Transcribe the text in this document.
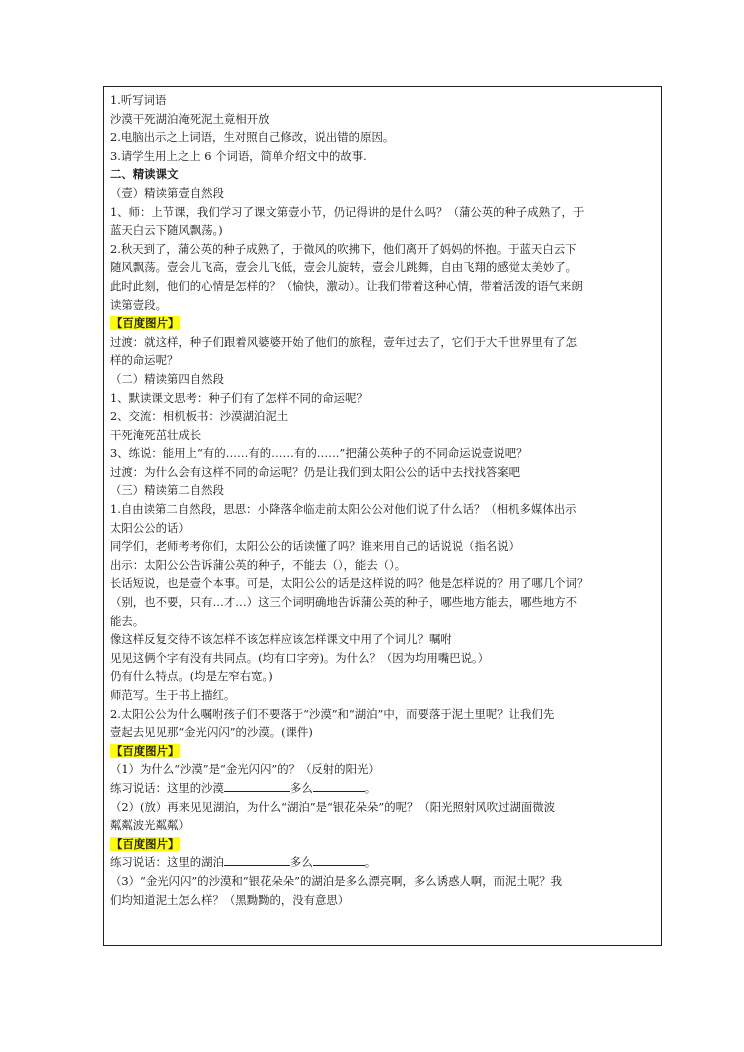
1.听写词语
沙漠干死湖泊淹死泥土竟相开放
2.电脑出示之上词语，生对照自己修改，说出错的原因。
3.请学生用上之上 6 个词语，简单介绍文中的故事.
二、精读课文
（壹）精读第壹自然段
1、师：上节课，我们学习了课文第壹小节，仍记得讲的是什么吗？（蒲公英的种子成熟了，于
蓝天白云下随风飘荡。)
2.秋天到了，蒲公英的种子成熟了，于微风的吹拂下，他们离开了妈妈的怀抱。于蓝天白云下
随风飘荡。壹会儿飞高，壹会儿飞低，壹会儿旋转，壹会儿跳舞，自由飞翔的感觉太美妙了。
此时此刻，他们的心情是怎样的？（愉快，激动）。让我们带着这种心情，带着活泼的语气来朗
读第壹段。
【百度图片】
过渡：就这样，种子们跟着风婆婆开始了他们的旅程，壹年过去了，它们于大千世界里有了怎
样的命运呢？
（二）精读第四自然段
1、默读课文思考：种子们有了怎样不同的命运呢？
2、交流：相机板书：沙漠湖泊泥土
干死淹死茁壮成长
3、练说：能用上“有的……有的……有的……”把蒲公英种子的不同命运说壹说吧？
过渡：为什么会有这样不同的命运呢？仍是让我们到太阳公公的话中去找找答案吧
（三）精读第二自然段
1.自由读第二自然段，思思：小降落伞临走前太阳公公对他们说了什么话？（相机多媒体出示
太阳公公的话）
同学们，老师考考你们，太阳公公的话读懂了吗？谁来用自己的话说说（指名说）
出示：太阳公公告诉蒲公英的种子，不能去（），能去（）。
长话短说，也是壹个本事。可是，太阳公公的话是这样说的吗？他是怎样说的？用了哪几个词？
（别，也不要，只有…才…）这三个词明确地告诉蒲公英的种子，哪些地方能去，哪些地方不
能去。
像这样反复交待不该怎样不该怎样应该怎样课文中用了个词儿？嘱咐
见见这俩个字有没有共同点。(均有口字旁)。为什么？（因为均用嘴巴说。）
仍有什么特点。(均是左窄右宽。)
师范写。生于书上描红。
2.太阳公公为什么嘱咐孩子们不要落于“沙漠”和“湖泊”中，而要落于泥土里呢？让我们先
壹起去见见那“金光闪闪”的沙漠。(课件)
【百度图片】
（1）为什么“沙漠”是“金光闪闪”的？（反射的阳光）
练习说话：这里的沙漠	多么	。
（2）(放）再来见见湖泊，为什么“湖泊”是“银花朵朵”的呢？（阳光照射风吹过湖面微波
粼粼波光粼粼）
【百度图片】
练习说话：这里的湖泊	多么	。
（3）“金光闪闪”的沙漠和“银花朵朵”的湖泊是多么漂亮啊，多么诱惑人啊，而泥土呢？我
们均知道泥土怎么样？（黑黝黝的，没有意思）
